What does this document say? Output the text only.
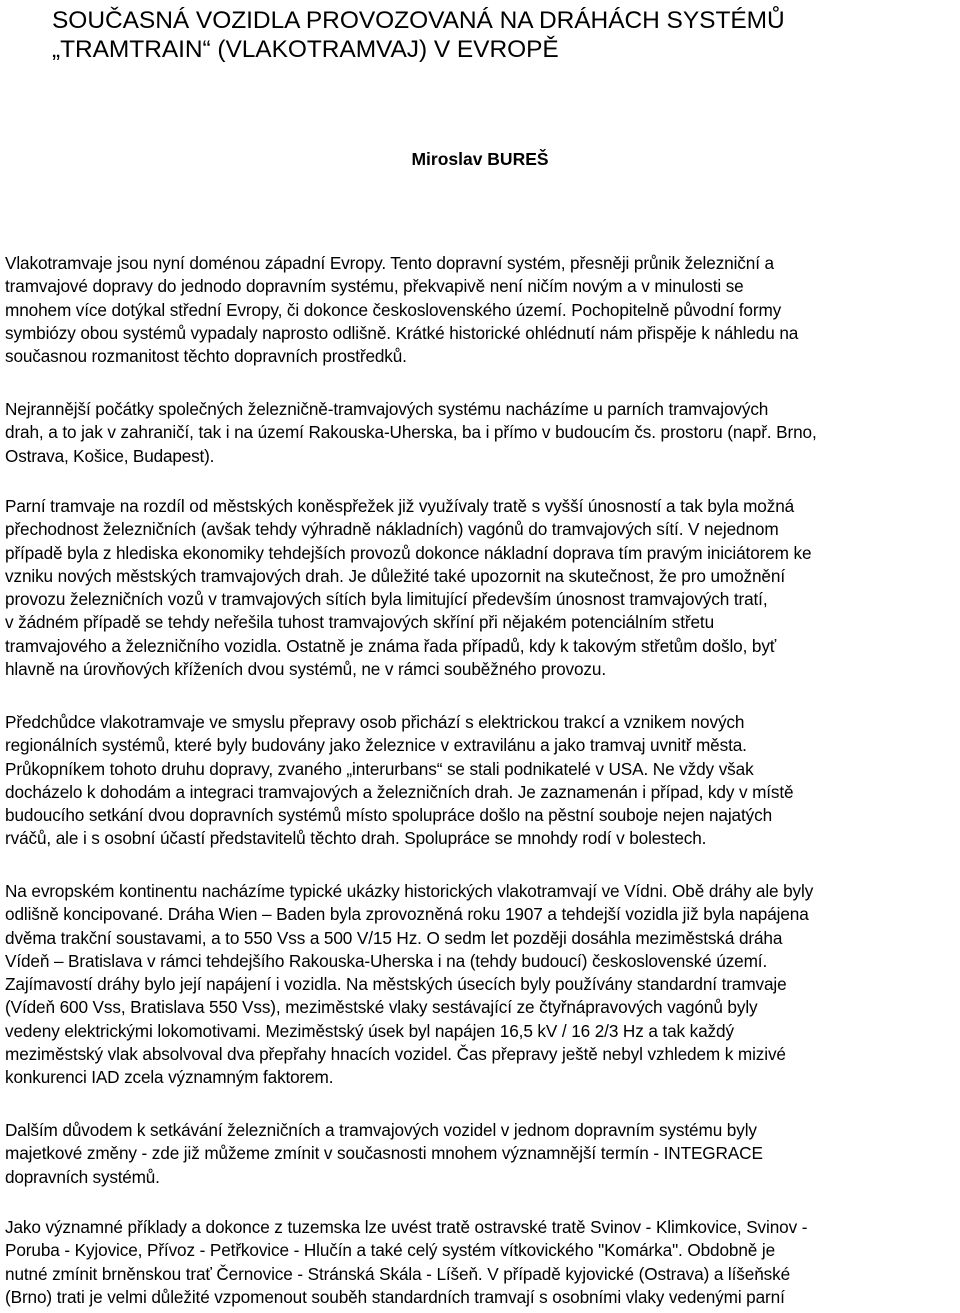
SOUČASNÁ VOZIDLA PROVOZOVANÁ NA DRÁHÁCH SYSTÉMŮ
„TRAMTRAIN“ (VLAKOTRAMVAJ) V EVROPĚ

Miroslav BUREŠ

Vlakotramvaje jsou nyní doménou západní Evropy. Tento dopravní systém, přesněji průnik železniční a
tramvajové dopravy do jednodo dopravním systému, překvapivě není ničím novým a v minulosti se
mnohem více dotýkal střední Evropy, či dokonce československého území. Pochopitelně původní formy
symbiózy obou systémů vypadaly naprosto odlišně. Krátké historické ohlédnutí nám přispěje k náhledu na
současnou rozmanitost těchto dopravních prostředků.
Nejrannější počátky společných železničně-tramvajových systému nacházíme u parních tramvajových
drah, a to jak v zahraničí, tak i na území Rakouska-Uherska, ba i přímo v budoucím čs. prostoru (např. Brno,
Ostrava, Košice, Budapest).
Parní tramvaje na rozdíl od městských koněspřežek již využívaly tratě s vyšší únosností a tak byla možná
přechodnost železničních (avšak tehdy výhradně nákladních) vagónů do tramvajových sítí. V nejednom
případě byla z hlediska ekonomiky tehdejších provozů dokonce nákladní doprava tím pravým iniciátorem ke
vzniku nových městských tramvajových drah. Je důležité také upozornit na skutečnost, že pro umožnění
provozu železničních vozů v tramvajových sítích byla limitující především únosnost tramvajových tratí,
v žádném případě se tehdy neřešila tuhost tramvajových skříní při nějakém potenciálním střetu
tramvajového a železničního vozidla. Ostatně je známa řada případů, kdy k takovým střetům došlo, byť
hlavně na úrovňových kříženích dvou systémů, ne v rámci souběžného provozu.
Předchůdce vlakotramvaje ve smyslu přepravy osob přichází s elektrickou trakcí a vznikem nových
regionálních systémů, které byly budovány jako železnice v extravilánu a jako tramvaj uvnitř města.
Průkopníkem tohoto druhu dopravy, zvaného „interurbans“ se stali podnikatelé v USA. Ne vždy však
docházelo k dohodám a integraci tramvajových a železničních drah. Je zaznamenán i případ, kdy v místě
budoucího setkání dvou dopravních systémů místo spolupráce došlo na pěstní souboje nejen najatých
rváčů, ale i s osobní účastí představitelů těchto drah. Spolupráce se mnohdy rodí v bolestech.
Na evropském kontinentu nacházíme typické ukázky historických vlakotramvají ve Vídni. Obě dráhy ale byly
odlišně koncipované. Dráha Wien – Baden byla zprovozněná roku 1907 a tehdejší vozidla již byla napájena
dvěma trakční soustavami, a to 550 Vss a 500 V/15 Hz. O sedm let později dosáhla meziměstská dráha
Vídeň – Bratislava v rámci tehdejšího Rakouska-Uherska i na (tehdy budoucí) československé území.
Zajímavostí dráhy bylo její napájení i vozidla. Na městských úsecích byly používány standardní tramvaje
(Vídeň 600 Vss, Bratislava 550 Vss), meziměstské vlaky sestávající ze čtyřnápravových vagónů byly
vedeny elektrickými lokomotivami. Meziměstský úsek byl napájen 16,5 kV / 16 2/3 Hz a tak každý
meziměstský vlak absolvoval dva přepřahy hnacích vozidel. Čas přepravy ještě nebyl vzhledem k mizivé
konkurenci IAD zcela významným faktorem.
Dalším důvodem k setkávání železničních a tramvajových vozidel v jednom dopravním systému byly
majetkové změny - zde již můžeme zmínit v současnosti mnohem významnější termín - INTEGRACE
dopravních systémů.
Jako významné příklady a dokonce z tuzemska lze uvést tratě ostravské tratě Svinov - Klimkovice, Svinov -
Poruba - Kyjovice, Přívoz - Petřkovice - Hlučín a také celý systém vítkovického "Komárka". Obdobně je
nutné zmínit brněnskou trať Černovice - Stránská Skála - Líšeň. V případě kyjovické (Ostrava) a líšeňské
(Brno) trati je velmi důležité vzpomenout souběh standardních tramvají s osobními vlaky vedenými parní
